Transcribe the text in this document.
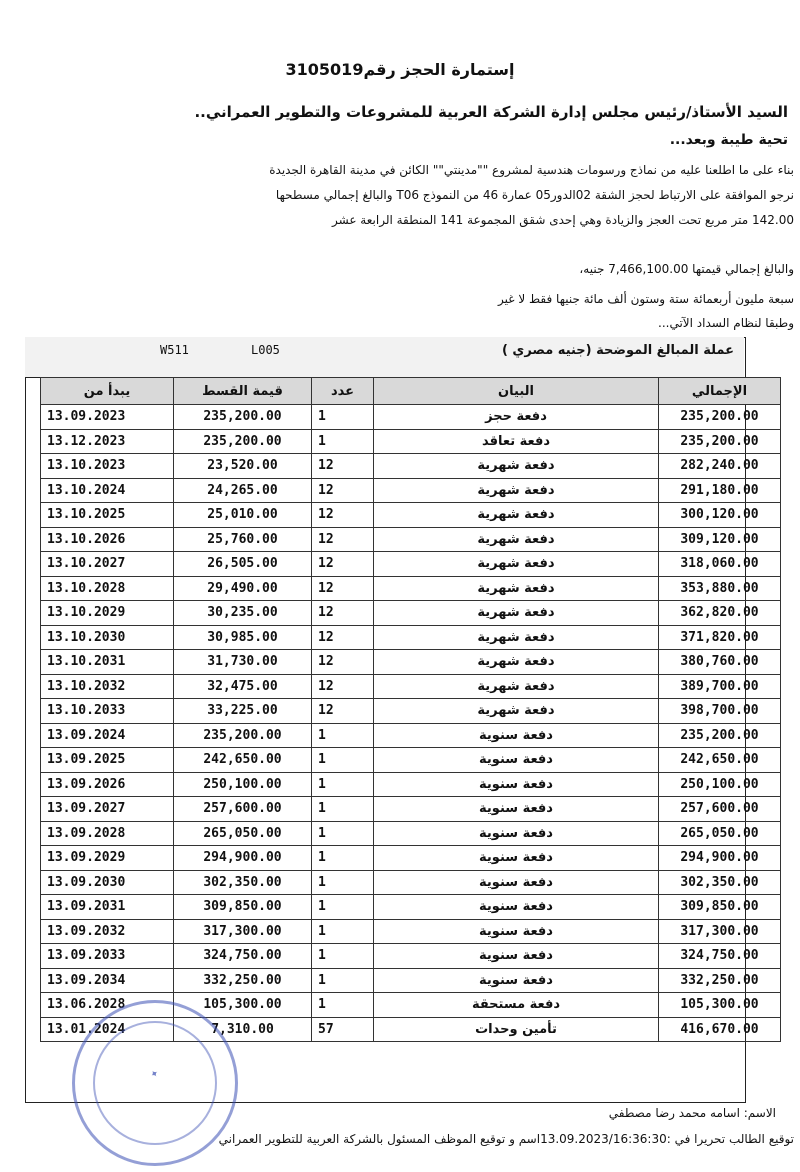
إستمارة الحجز رقم3105019
السيد الأستاذ/رئيس مجلس إدارة الشركة العربية للمشروعات والتطوير العمراني..
تحية طيبة وبعد...
بناء على ما اطلعنا عليه من نماذج ورسومات هندسية لمشروع ""مدينتي"" الكائن في مدينة القاهرة الجديدة
نرجو الموافقة على الارتباط لحجز الشقة 02الدور05 عمارة 46 من النموذج T06 والبالغ إجمالي مسطحها
142.00 متر مربع تحت العجز والزيادة وهي إحدى شقق المجموعة 141 المنطقة الرابعة عشر
والبالغ إجمالي قيمتها 7,466,100.00 جنيه،
سبعة مليون أربعمائة ستة وستون ألف مائة جنيها فقط لا غير
وطبقا لنظام السداد الآتي...
عملة المبالغ الموضحة (جنيه مصري )
W511	L005
يبدأ من	قيمة القسط	عدد	البيان	الإجمالي
13.09.2023	235,200.00	1	دفعة حجز	235,200.00
13.12.2023	235,200.00	1	دفعة تعاقد	235,200.00
13.10.2023	23,520.00	12	دفعة شهرية	282,240.00
13.10.2024	24,265.00	12	دفعة شهرية	291,180.00
13.10.2025	25,010.00	12	دفعة شهرية	300,120.00
13.10.2026	25,760.00	12	دفعة شهرية	309,120.00
13.10.2027	26,505.00	12	دفعة شهرية	318,060.00
13.10.2028	29,490.00	12	دفعة شهرية	353,880.00
13.10.2029	30,235.00	12	دفعة شهرية	362,820.00
13.10.2030	30,985.00	12	دفعة شهرية	371,820.00
13.10.2031	31,730.00	12	دفعة شهرية	380,760.00
13.10.2032	32,475.00	12	دفعة شهرية	389,700.00
13.10.2033	33,225.00	12	دفعة شهرية	398,700.00
13.09.2024	235,200.00	1	دفعة سنوية	235,200.00
13.09.2025	242,650.00	1	دفعة سنوية	242,650.00
13.09.2026	250,100.00	1	دفعة سنوية	250,100.00
13.09.2027	257,600.00	1	دفعة سنوية	257,600.00
13.09.2028	265,050.00	1	دفعة سنوية	265,050.00
13.09.2029	294,900.00	1	دفعة سنوية	294,900.00
13.09.2030	302,350.00	1	دفعة سنوية	302,350.00
13.09.2031	309,850.00	1	دفعة سنوية	309,850.00
13.09.2032	317,300.00	1	دفعة سنوية	317,300.00
13.09.2033	324,750.00	1	دفعة سنوية	324,750.00
13.09.2034	332,250.00	1	دفعة سنوية	332,250.00
13.06.2028	105,300.00	1	دفعة مستحقة	105,300.00
13.01.2024	7,310.00	57	تأمين وحدات	416,670.00
الاسم: اسامه محمد رضا مصطفي
توقيع الطالب تحريرا في :13.09.2023/16:36:30اسم و توقيع الموظف المسئول بالشركة العربية للتطوير العمراني
✦
